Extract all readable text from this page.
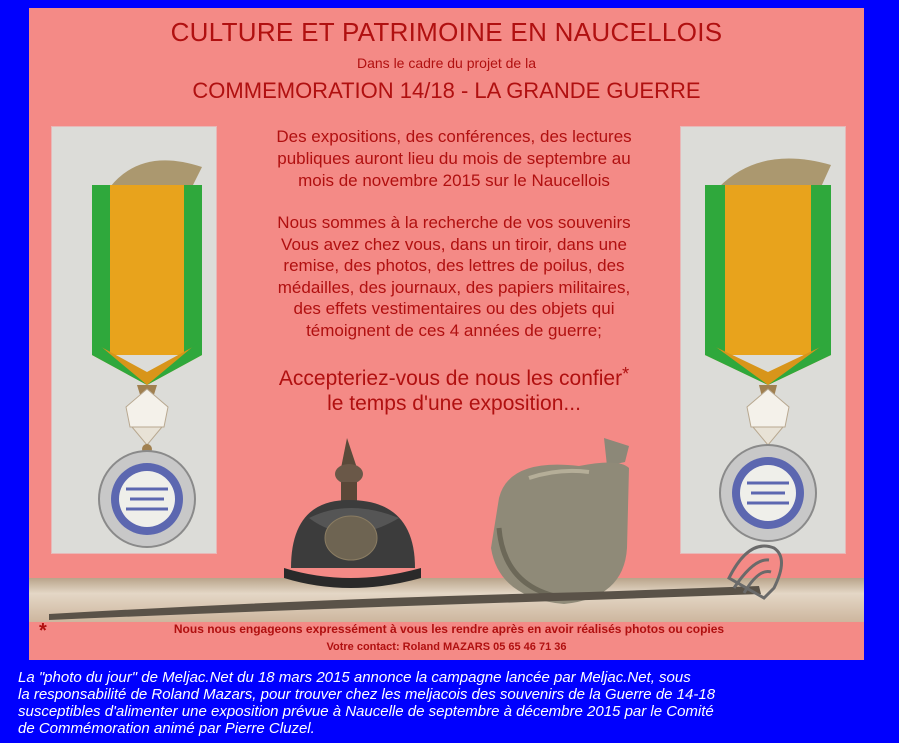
CULTURE ET PATRIMOINE EN NAUCELLOIS
Dans le cadre du projet de la
COMMEMORATION 14/18 - LA GRANDE GUERRE

Des expositions, des conférences, des lectures

publiques auront lieu du mois de septembre au

mois de novembre 2015 sur le Naucellois

Nous sommes à la recherche de vos souvenirs

Vous avez chez vous, dans un tiroir, dans une

remise, des photos, des lettres de poilus, des

médailles, des journaux, des papiers militaires,

des effets vestimentaires ou des objets qui

témoignent de ces 4 années de guerre;

Accepteriez-vous de nous les confier*

le temps d'une exposition...

*	Nous nous engageons expressément à vous les rendre après en avoir réalisés photos ou copies
Votre contact: Roland MAZARS 05 65 46 71 36

La "photo du jour" de Meljac.Net du 18 mars 2015 annonce la campagne lancée par Meljac.Net, sous

la responsabilité de Roland Mazars, pour trouver chez les meljacois des souvenirs de la Guerre de 14-18

susceptibles d'alimenter une exposition prévue à Naucelle de septembre à décembre 2015 par le Comité

de Commémoration animé par Pierre Cluzel.
